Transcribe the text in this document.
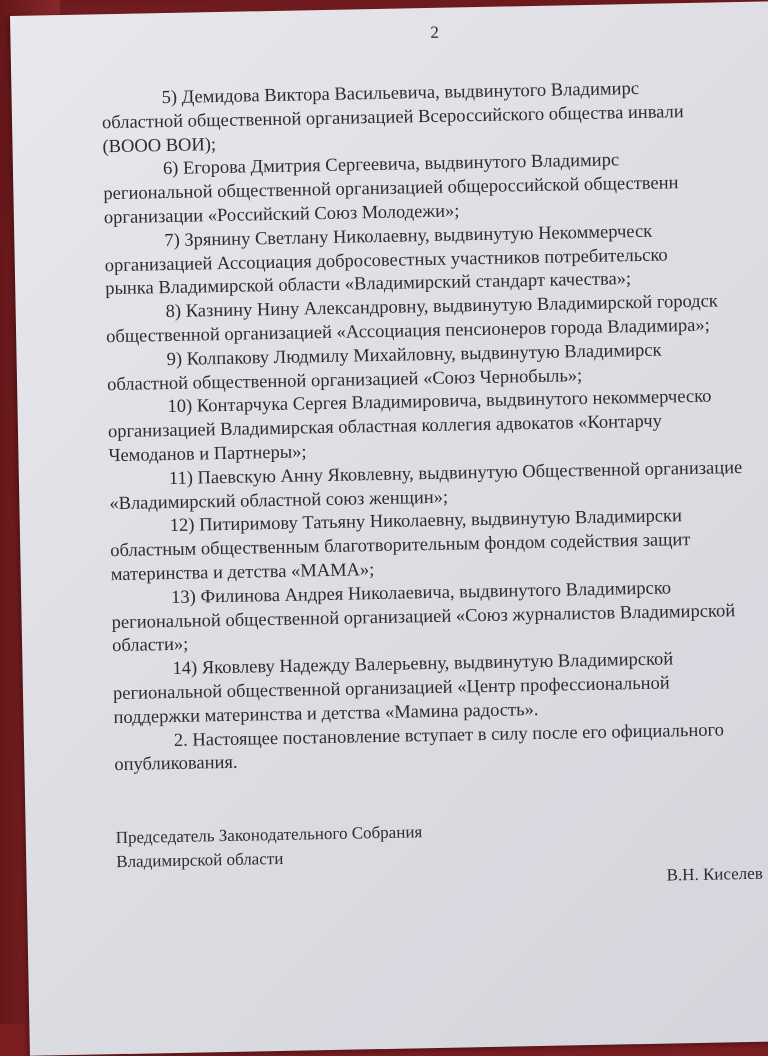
2
5) Демидова Виктора Васильевича, выдвинутого Владимирс
областной общественной организацией Всероссийского общества инвали
(ВООО ВОИ);
6) Егорова Дмитрия Сергеевича, выдвинутого Владимирс
региональной общественной организацией общероссийской общественн
организации «Российский Союз Молодежи»;
7) Зрянину Светлану Николаевну, выдвинутую Некоммерческ
организацией Ассоциация добросовестных участников потребительско
рынка Владимирской области «Владимирский стандарт качества»;
8) Казнину Нину Александровну, выдвинутую Владимирской городск
общественной организацией «Ассоциация пенсионеров города Владимира»;
9) Колпакову Людмилу Михайловну, выдвинутую Владимирск
областной общественной организацией «Союз Чернобыль»;
10) Контарчука Сергея Владимировича, выдвинутого некоммерческо
организацией Владимирская областная коллегия адвокатов «Контарчу
Чемоданов и Партнеры»;
11) Паевскую Анну Яковлевну, выдвинутую Общественной организацие
«Владимирский областной союз женщин»;
12) Питиримову Татьяну Николаевну, выдвинутую Владимирски
областным общественным благотворительным фондом содействия защит
материнства и детства «МАМА»;
13) Филинова Андрея Николаевича, выдвинутого Владимирско
региональной общественной организацией «Союз журналистов Владимирской
области»;
14) Яковлеву Надежду Валерьевну, выдвинутую Владимирской
региональной общественной организацией «Центр профессиональной
поддержки материнства и детства «Мамина радость».
2. Настоящее постановление вступает в силу после его официального
опубликования.
Председатель Законодательного Собрания
Владимирской области
В.Н. Киселев
